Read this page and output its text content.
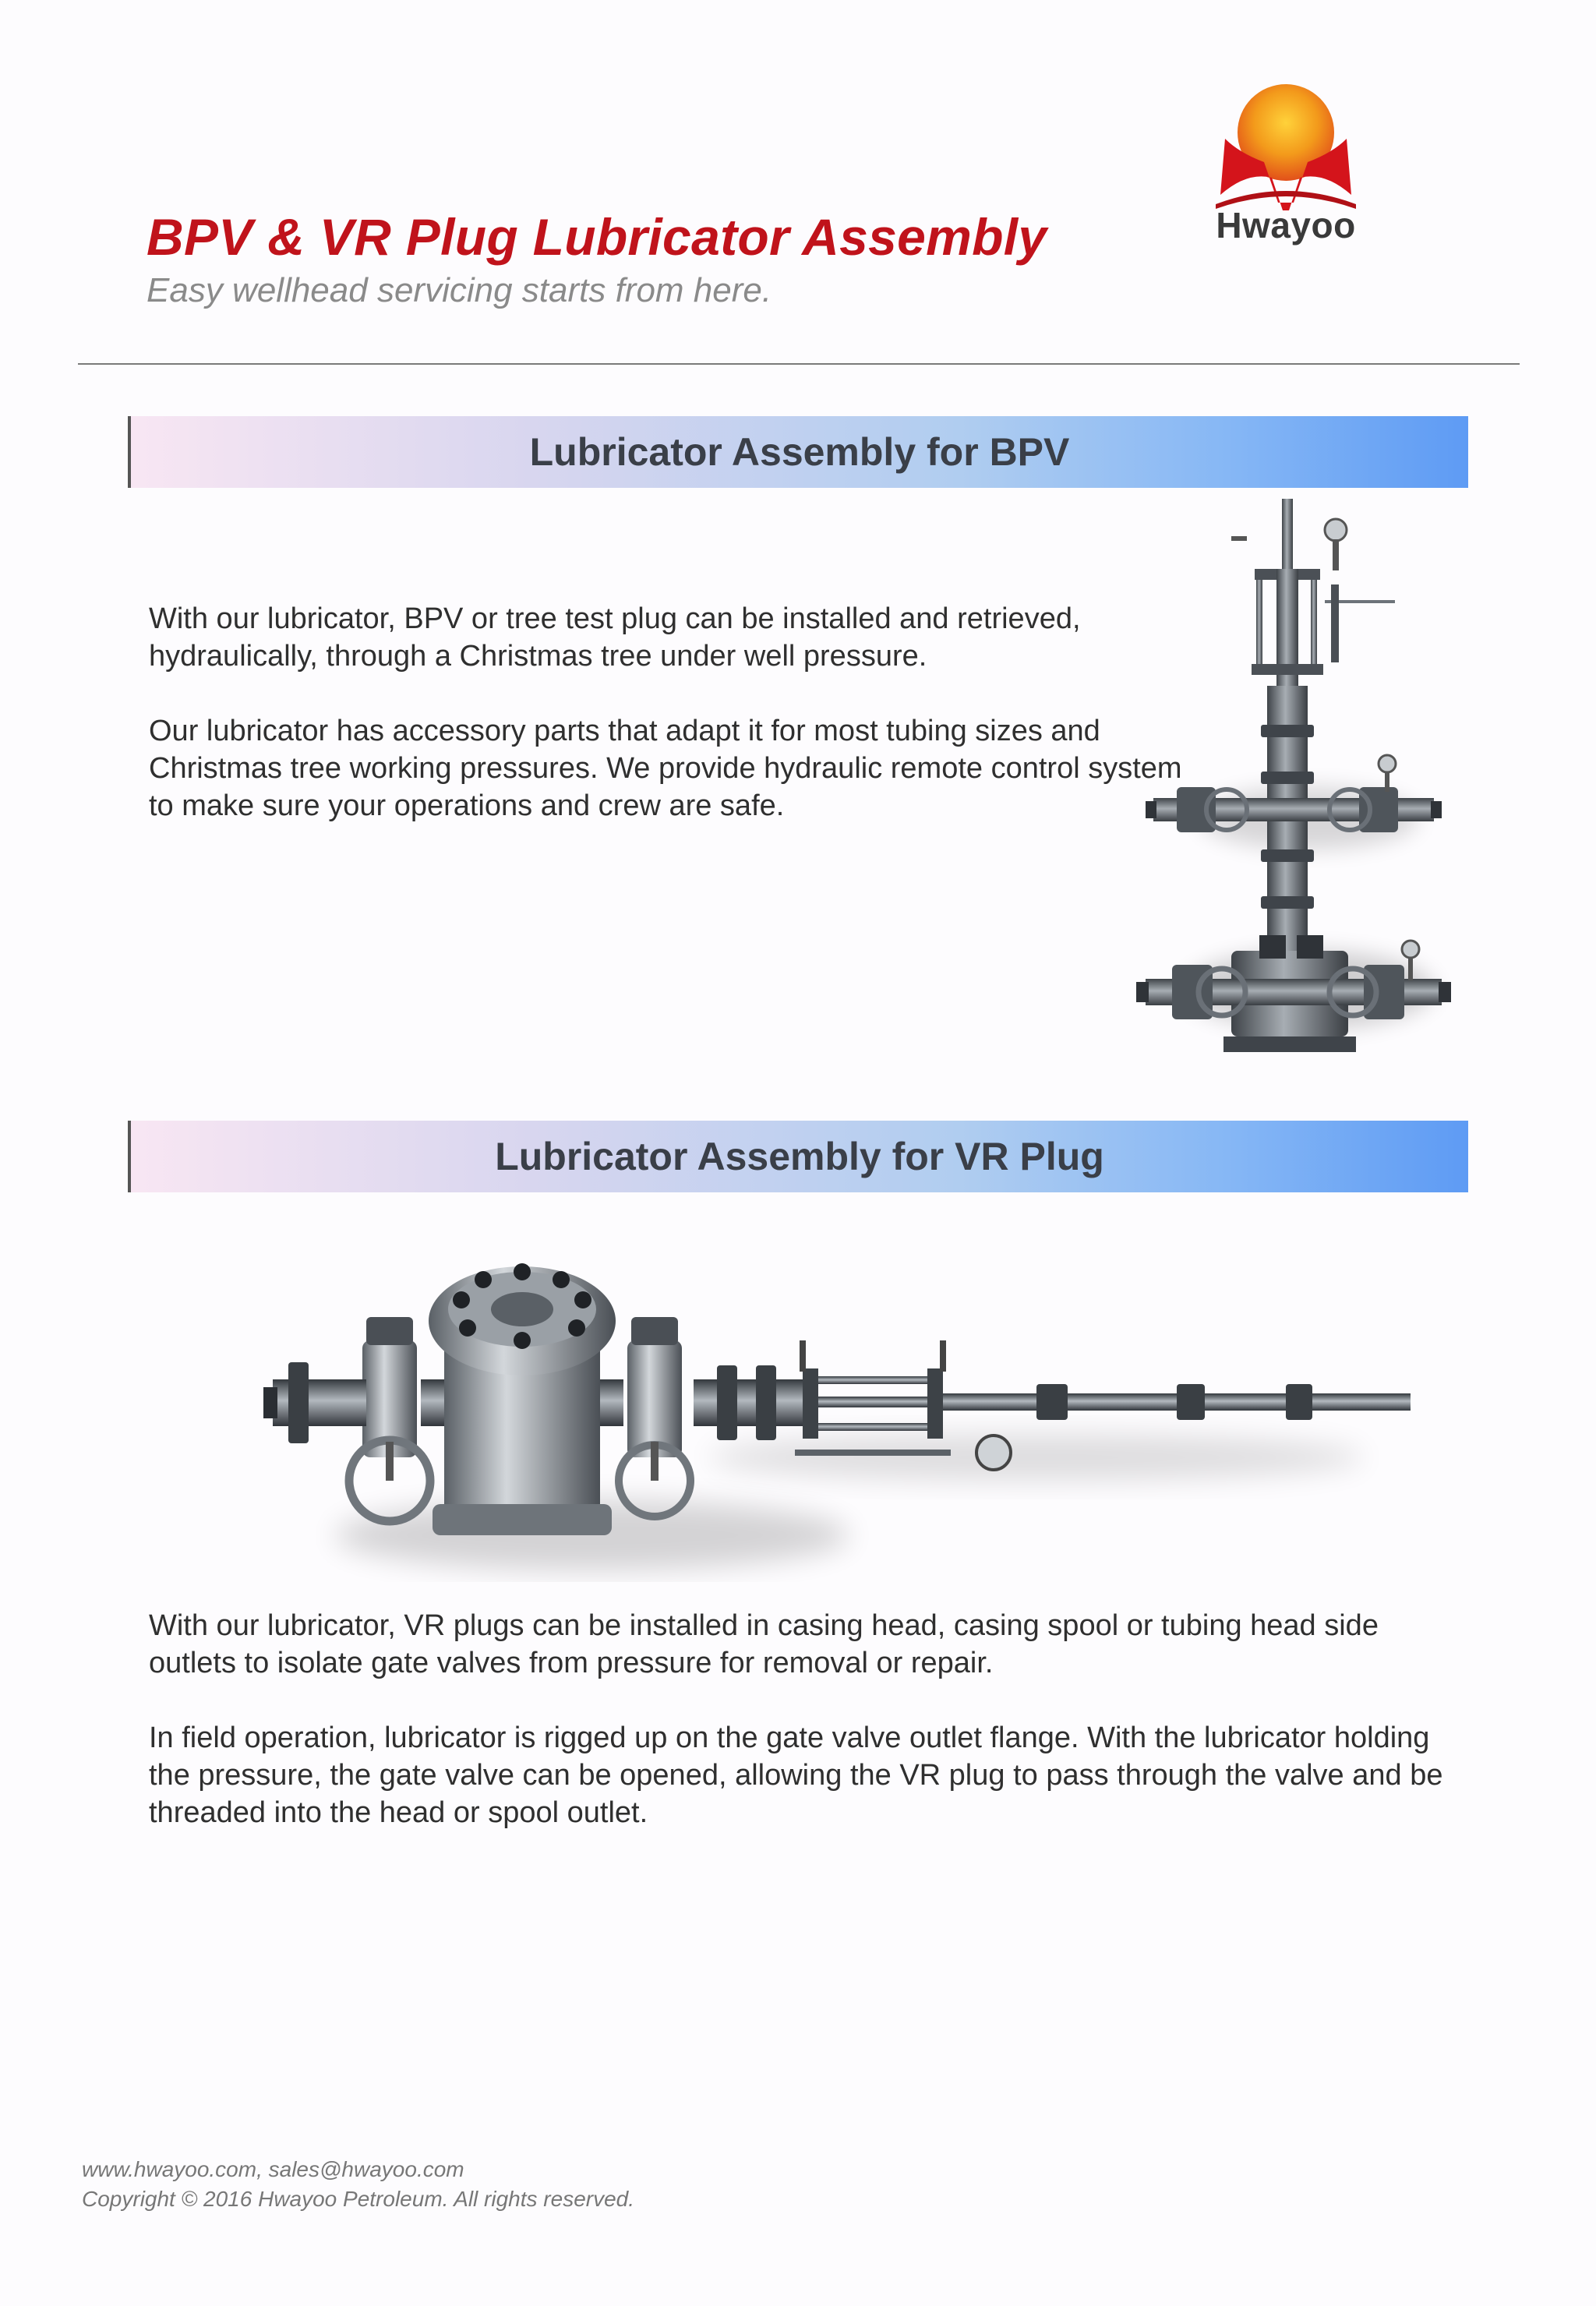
BPV & VR Plug Lubricator Assembly

Easy wellhead servicing starts from here.

Hwayoo
Lubricator Assembly for BPV

With our lubricator, BPV or tree test plug can be installed and retrieved, hydraulically, through a Christmas tree under well pressure.

Our lubricator has accessory parts that adapt it for most tubing sizes and Christmas tree working pressures. We provide hydraulic remote control system to make sure your operations and crew are safe.

Lubricator Assembly for VR Plug

With our lubricator, VR plugs can be installed in casing head, casing spool or tubing head side outlets to isolate gate valves from pressure for removal or repair.

In field operation, lubricator is rigged up on the gate valve outlet flange. With the lubricator holding the pressure, the gate valve can be opened, allowing the VR plug to pass through the valve and be threaded into the head or spool outlet.

www.hwayoo.com, sales@hwayoo.com

Copyright © 2016 Hwayoo Petroleum. All rights reserved.
